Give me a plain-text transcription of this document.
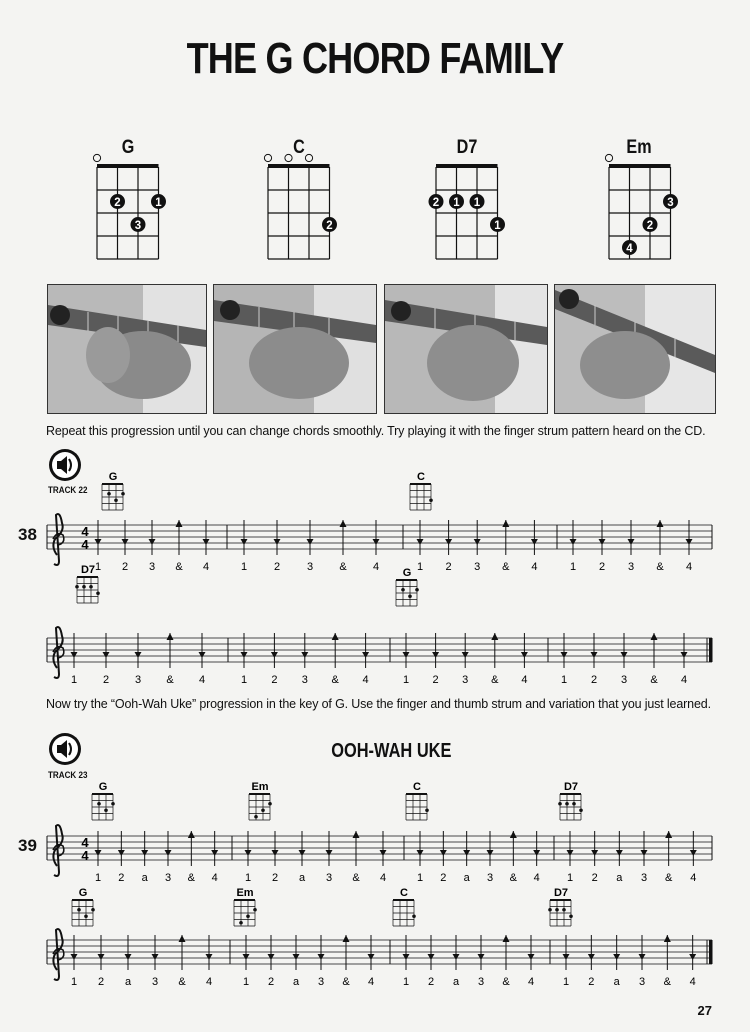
THE G CHORD FAMILY
G	C	D7	Em
2
3
1
2
2 1 1
1
4
2
3
Repeat this progression until you can change chords smoothly. Try playing it with the finger strum pattern heard on the CD.
TRACK 22
38
Now try the “Ooh-Wah Uke” progression in the key of G. Use the finger and thumb strum and variation that you just learned.
TRACK 23
OOH-WAH UKE
39
4
4
1 2 3 & 4	1 2 3 & 4	1 2 3 & 4	1 2 3 & 4
G	C
1 2 3 & 4	1 2 3 & 4	1 2 3 & 4	1 2 3 & 4
D7	G
4
4
1 2 a 3 & 4 1 2 a 3 & 4	1 2 a 3 & 4 1 2 a 3 & 4
G	Em	C	D7
1 2 a 3 & 4	1 2 a 3 & 4	1 2 a 3 & 4	1 2 a 3 & 4
G	Em	C	D7
27
